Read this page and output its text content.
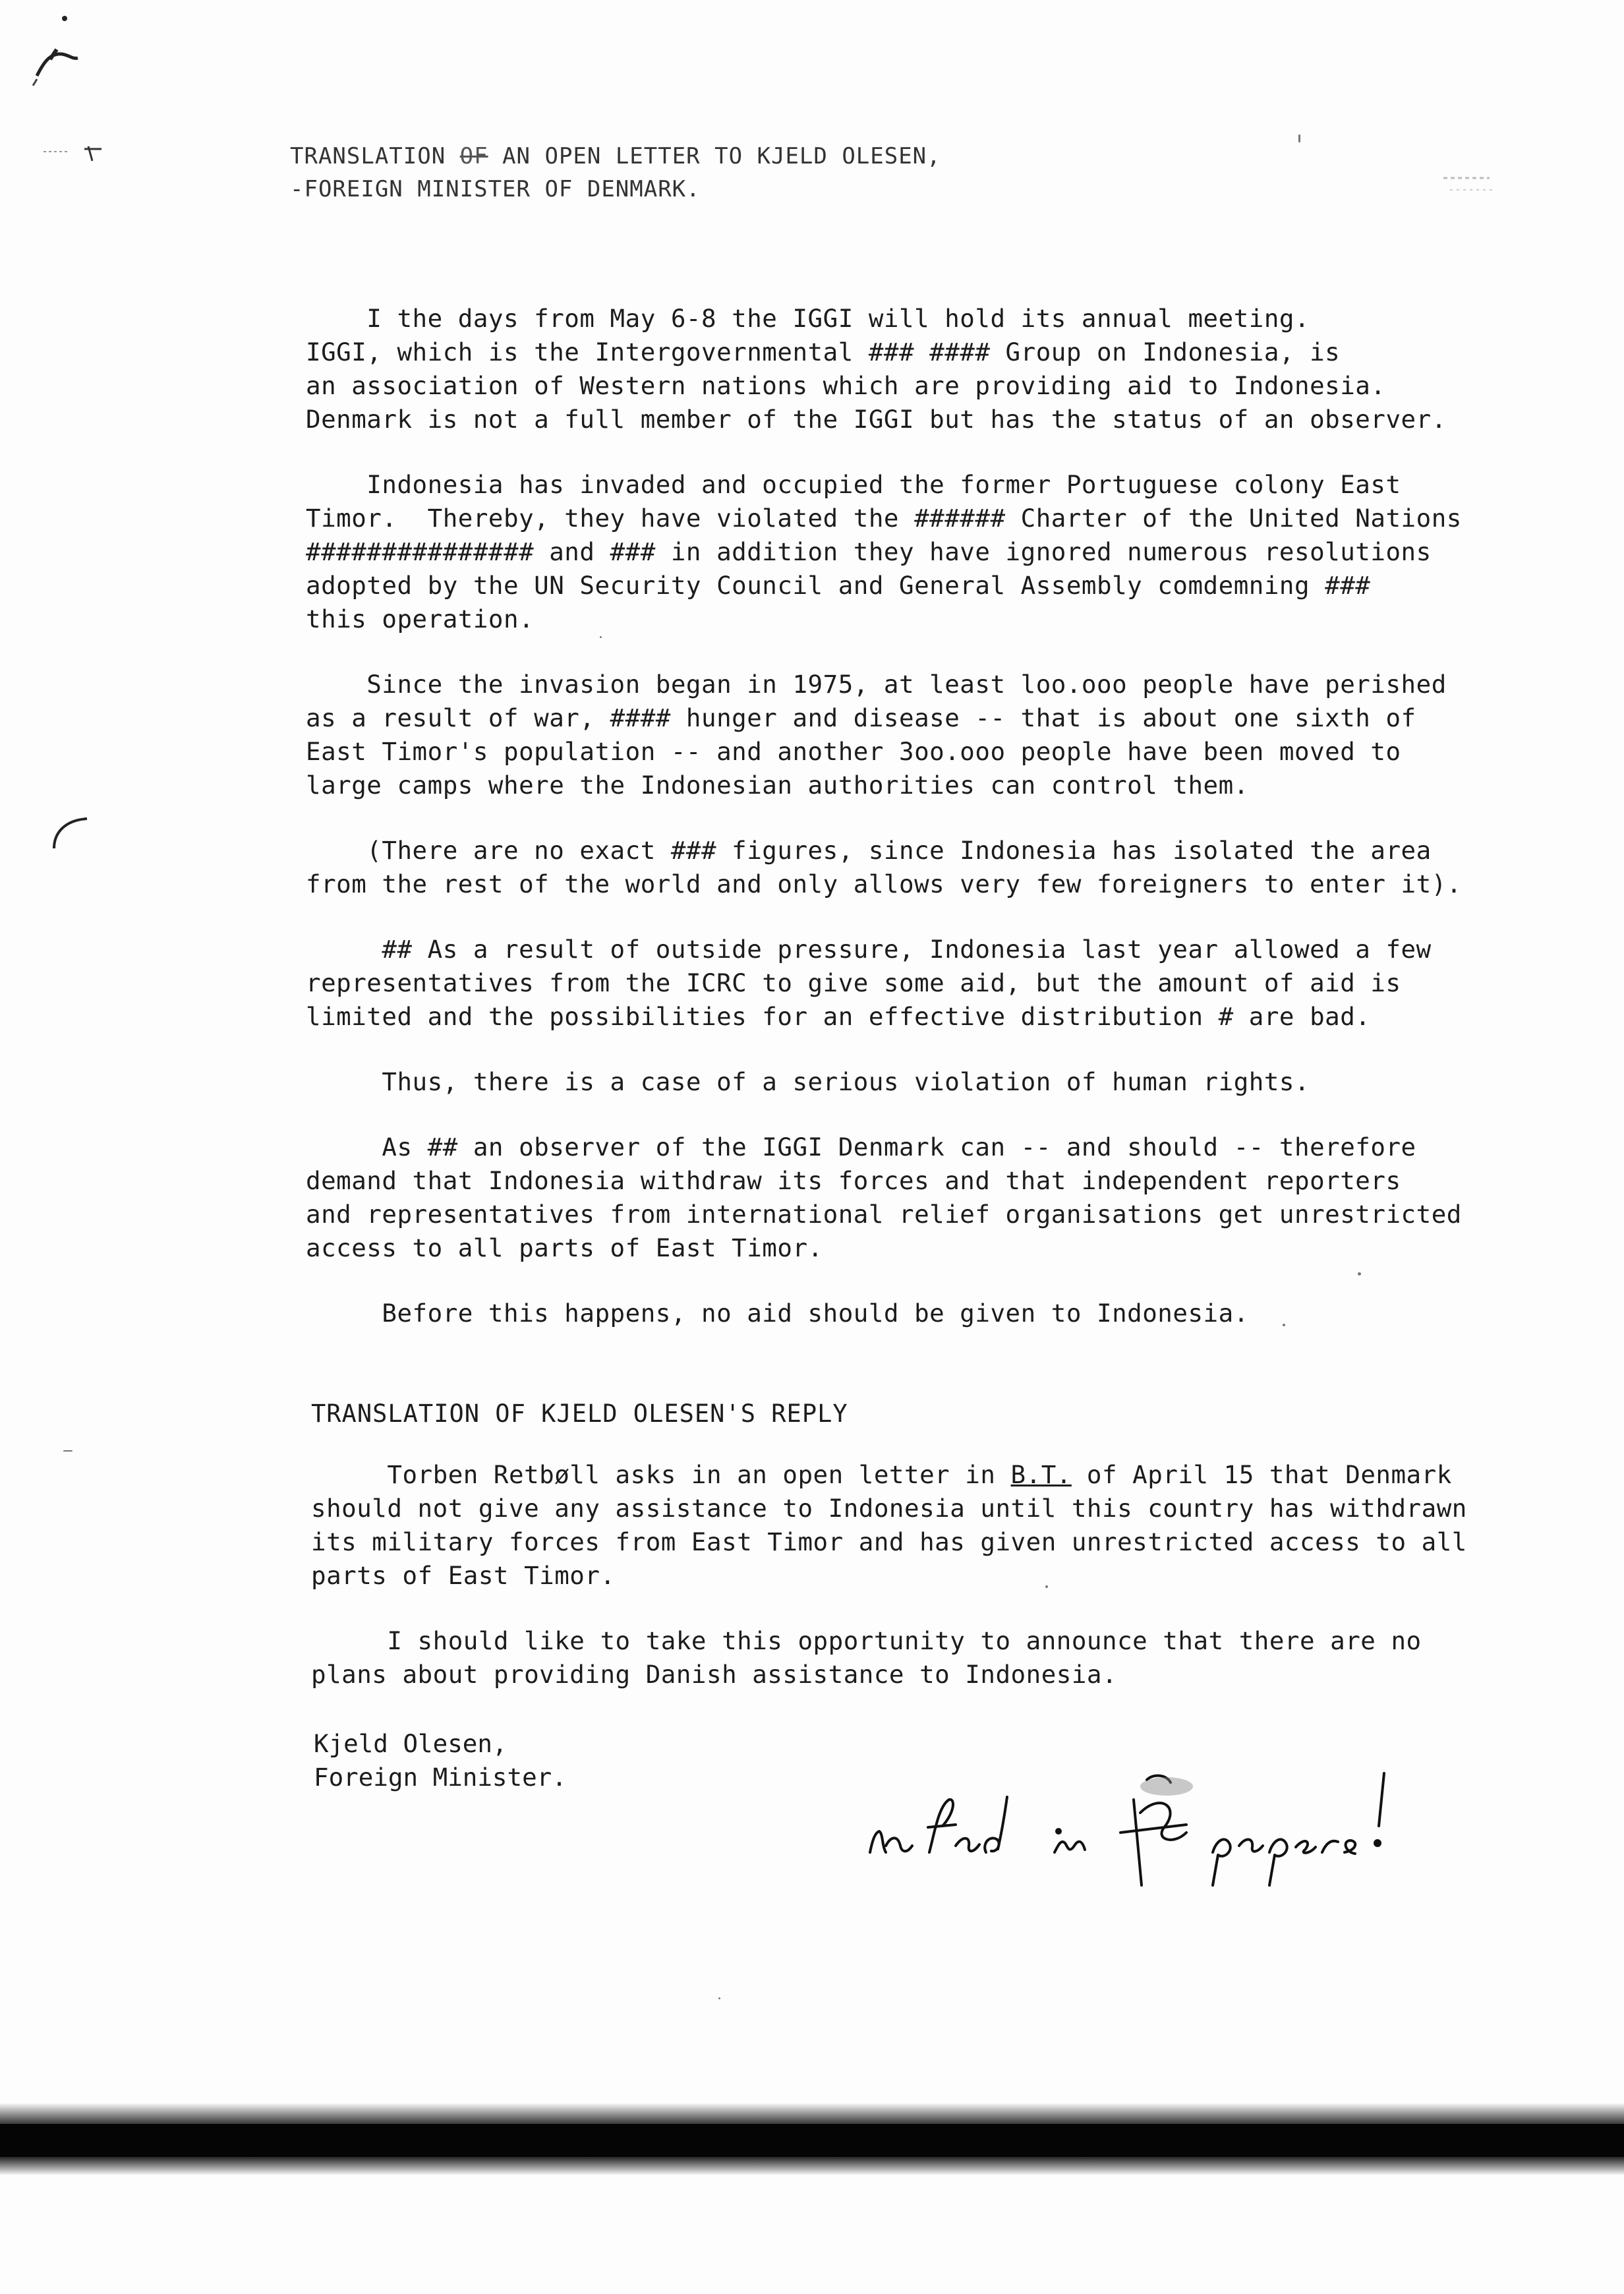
TRANSLATION OF AN OPEN LETTER TO KJELD OLESEN,
-FOREIGN MINISTER OF DENMARK.
I the days from May 6-8 the IGGI will hold its annual meeting.
IGGI, which is the Intergovernmental ### #### Group on Indonesia, is
an association of Western nations which are providing aid to Indonesia.
Denmark is not a full member of the IGGI but has the status of an observer.
Indonesia has invaded and occupied the former Portuguese colony East
Timor.  Thereby, they have violated the ###### Charter of the United Nations
############### and ### in addition they have ignored numerous resolutions
adopted by the UN Security Council and General Assembly comdemning ###
this operation.
Since the invasion began in 1975, at least loo.ooo people have perished
as a result of war, #### hunger and disease -- that is about one sixth of
East Timor's population -- and another 3oo.ooo people have been moved to
large camps where the Indonesian authorities can control them.
(There are no exact ### figures, since Indonesia has isolated the area
from the rest of the world and only allows very few foreigners to enter it).
## As a result of outside pressure, Indonesia last year allowed a few
representatives from the ICRC to give some aid, but the amount of aid is
limited and the possibilities for an effective distribution # are bad.
Thus, there is a case of a serious violation of human rights.
As ## an observer of the IGGI Denmark can -- and should -- therefore
demand that Indonesia withdraw its forces and that independent reporters
and representatives from international relief organisations get unrestricted
access to all parts of East Timor.
Before this happens, no aid should be given to Indonesia.
TRANSLATION OF KJELD OLESEN'S REPLY
Torben Retbøll asks in an open letter in B.T. of April 15 that Denmark
should not give any assistance to Indonesia until this country has withdrawn
its military forces from East Timor and has given unrestricted access to all
parts of East Timor.
I should like to take this opportunity to announce that there are no
plans about providing Danish assistance to Indonesia.
Kjeld Olesen,
Foreign Minister.
